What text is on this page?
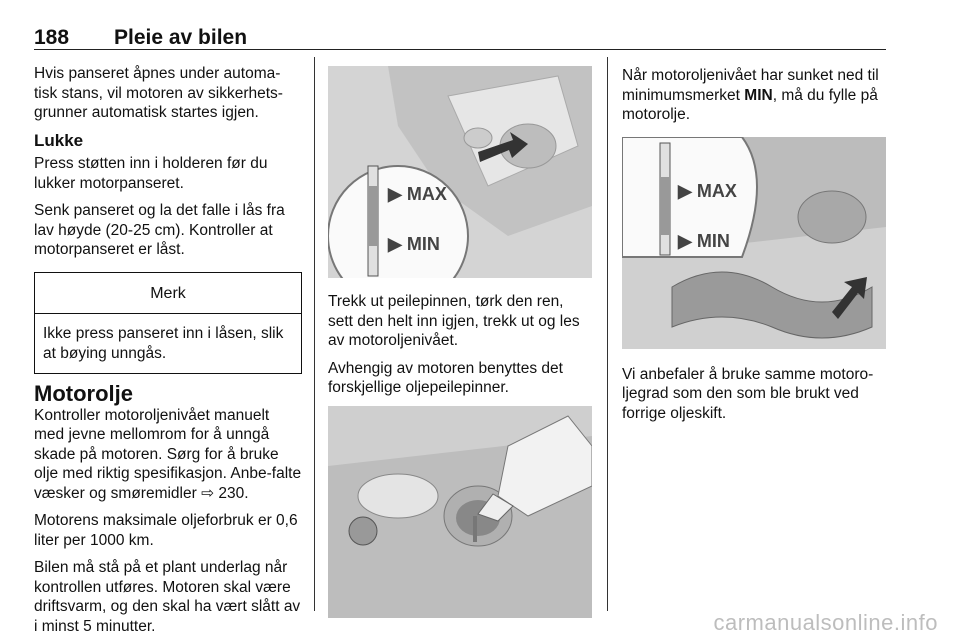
188 Pleie av bilen

Hvis panseret åpnes under automa-tisk stans, vil motoren av sikkerhets-grunner automatisk startes igjen.

Lukke

Press støtten inn i holderen før du lukker motorpanseret.

Senk panseret og la det falle i lås fra lav høyde (20-25 cm). Kontroller at motorpanseret er låst.

Merk
Ikke press panseret inn i låsen, slik at bøying unngås.
Motorolje

Kontroller motoroljenivået manuelt med jevne mellomrom for å unngå skade på motoren. Sørg for å bruke olje med riktig spesifikasjon. Anbe-falte væsker og smøremidler ⇨ 230.

Motorens maksimale oljeforbruk er 0,6 liter per 1000 km.

Bilen må stå på et plant underlag når kontrollen utføres. Motoren skal være driftsvarm, og den skal ha vært slått av i minst 5 minutter.

▶ MAX
▶ MIN

Trekk ut peilepinnen, tørk den ren, sett den helt inn igjen, trekk ut og les av motoroljenivået.

Avhengig av motoren benyttes det forskjellige oljepeilepinner.

Når motoroljenivået har sunket ned til minimumsmerket MIN, må du fylle på motorolje.

▶ MAX
▶ MIN

Vi anbefaler å bruke samme motoro-ljegrad som den som ble brukt ved forrige oljeskift.

carmanualsonline.info
